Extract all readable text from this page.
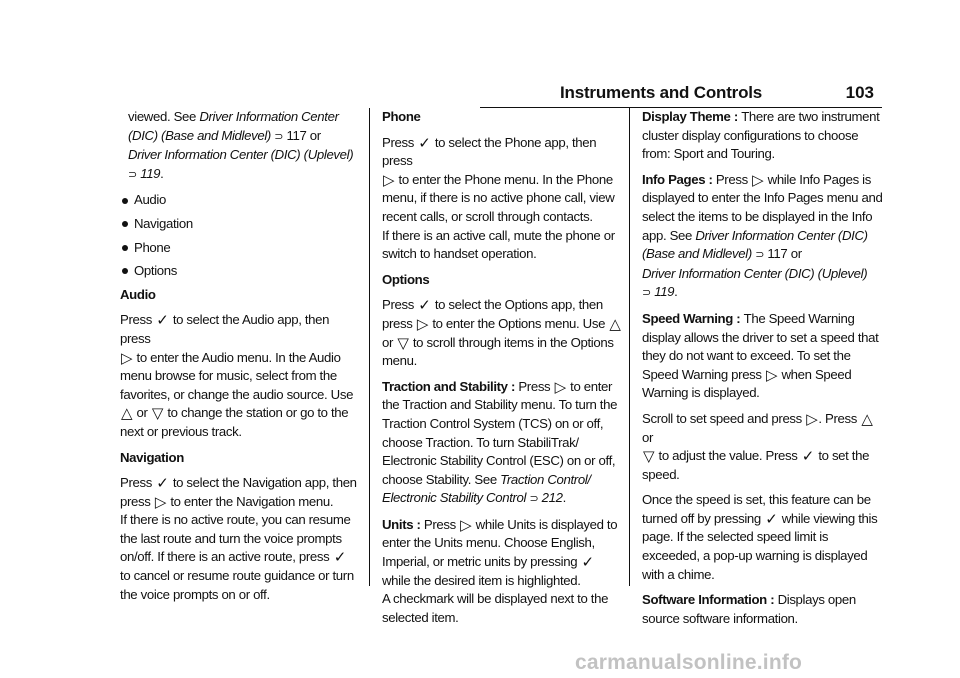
Instruments and Controls	103

viewed. See Driver Information Center (DIC) (Base and Midlevel) ⊃ 117 or
Driver Information Center (DIC) (Uplevel)
⊃ 119.

Audio
Navigation
Phone
Options

Audio

Press ✓ to select the Audio app, then press
▷ to enter the Audio menu. In the Audio menu browse for music, select from the favorites, or change the audio source. Use
△ or ▽ to change the station or go to the next or previous track.

Navigation

Press ✓ to select the Navigation app, then
press ▷ to enter the Navigation menu.
If there is no active route, you can resume the last route and turn the voice prompts on/off. If there is an active route, press ✓ to cancel or resume route guidance or turn the voice prompts on or off.

Phone

Press ✓ to select the Phone app, then press
▷ to enter the Phone menu. In the Phone menu, if there is no active phone call, view recent calls, or scroll through contacts.
If there is an active call, mute the phone or switch to handset operation.

Options

Press ✓ to select the Options app, then
press ▷ to enter the Options menu. Use △
or ▽ to scroll through items in the Options menu.

Traction and Stability : Press ▷ to enter the Traction and Stability menu. To turn the Traction Control System (TCS) on or off, choose Traction. To turn StabiliTrak/ Electronic Stability Control (ESC) on or off, choose Stability. See Traction Control/ Electronic Stability Control ⊃ 212.

Units : Press ▷ while Units is displayed to enter the Units menu. Choose English, Imperial, or metric units by pressing ✓ while the desired item is highlighted.
A checkmark will be displayed next to the selected item.

Display Theme : There are two instrument cluster display configurations to choose from: Sport and Touring.

Info Pages : Press ▷ while Info Pages is displayed to enter the Info Pages menu and select the items to be displayed in the Info app. See Driver Information Center (DIC) (Base and Midlevel) ⊃ 117 or
Driver Information Center (DIC) (Uplevel)
⊃ 119.

Speed Warning : The Speed Warning display allows the driver to set a speed that they do not want to exceed. To set the Speed Warning press ▷ when Speed Warning is displayed.

Scroll to set speed and press ▷. Press △ or
▽ to adjust the value. Press ✓ to set the speed.

Once the speed is set, this feature can be turned off by pressing ✓ while viewing this page. If the selected speed limit is exceeded, a pop-up warning is displayed with a chime.

Software Information : Displays open source software information.

carmanualsonline.info
